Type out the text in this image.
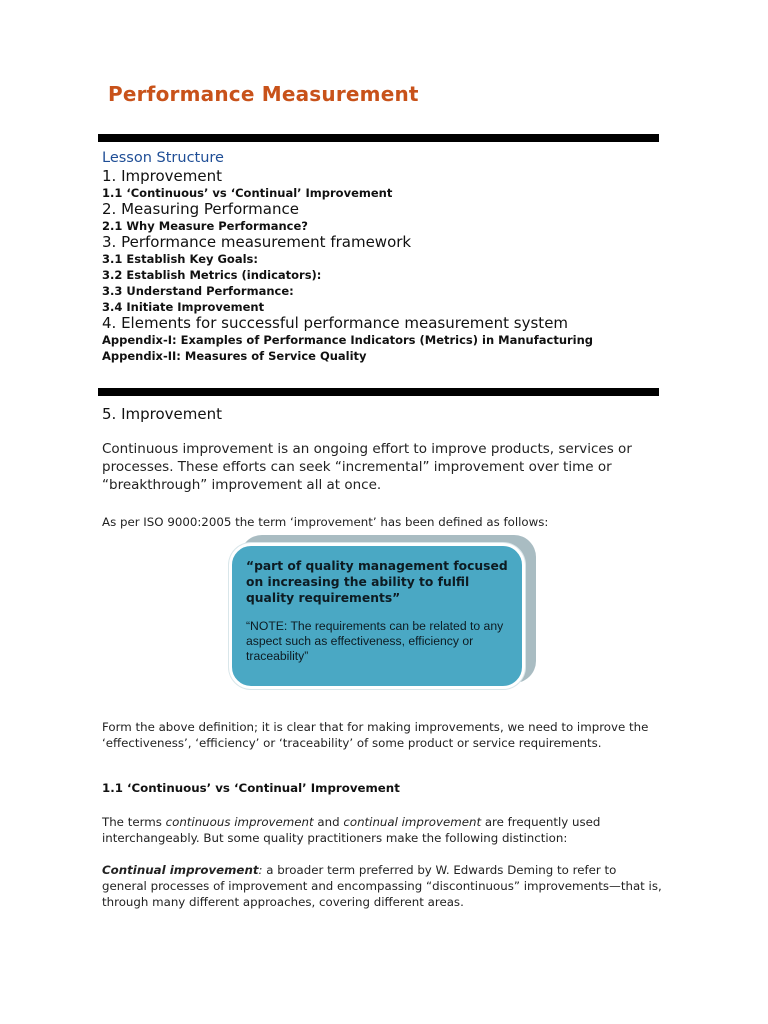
Performance Measurement
Lesson Structure
1. Improvement
1.1 ‘Continuous’ vs ‘Continual’ Improvement
2. Measuring Performance
2.1 Why Measure Performance?
3. Performance measurement framework
3.1 Establish Key Goals:
3.2 Establish Metrics (indicators):
3.3 Understand Performance:
3.4 Initiate Improvement
4. Elements for successful performance measurement system
Appendix-I: Examples of Performance Indicators (Metrics) in Manufacturing
Appendix-II: Measures of Service Quality
5. Improvement
Continuous improvement is an ongoing effort to improve products, services or processes. These efforts can seek “incremental” improvement over time or “breakthrough” improvement all at once.
As per ISO 9000:2005 the term ‘improvement’ has been defined as follows:
“part of quality management focused on increasing the ability to fulfil quality requirements”
“NOTE: The requirements can be related to any aspect such as effectiveness, efficiency or traceability”
Form the above definition; it is clear that for making improvements, we need to improve the ‘effectiveness’, ‘efficiency’ or ‘traceability’ of some product or service requirements.
1.1 ‘Continuous’ vs ‘Continual’ Improvement
The terms continuous improvement and continual improvement are frequently used interchangeably. But some quality practitioners make the following distinction:
Continual improvement: a broader term preferred by W. Edwards Deming to refer to general processes of improvement and encompassing “discontinuous” improvements—that is, through many different approaches, covering different areas.
